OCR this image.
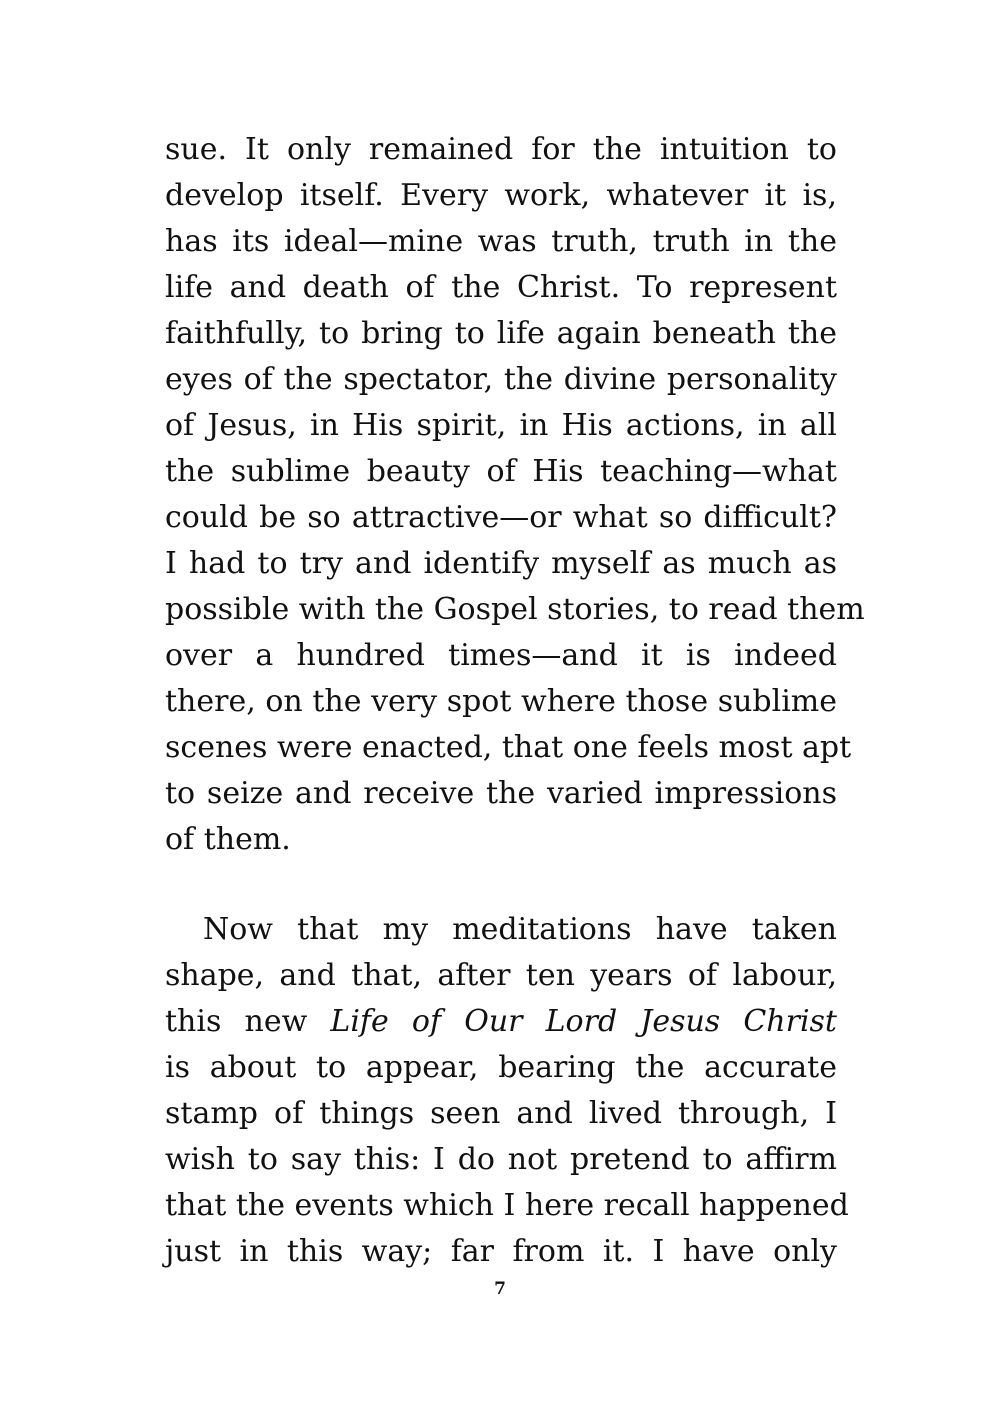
sue. It only remained for the intuition to
develop itself. Every work, whatever it is,
has its ideal—mine was truth, truth in the
life and death of the Christ. To represent
faithfully, to bring to life again beneath the
eyes of the spectator, the divine personality
of Jesus, in His spirit, in His actions, in all
the sublime beauty of His teaching—what
could be so attractive—or what so difficult?
I had to try and identify myself as much as
possible with the Gospel stories, to read them
over a hundred times—and it is indeed
there, on the very spot where those sublime
scenes were enacted, that one feels most apt
to seize and receive the varied impressions
of them.
Now that my meditations have taken
shape, and that, after ten years of labour,
this new Life of Our Lord Jesus Christ
is about to appear, bearing the accurate
stamp of things seen and lived through, I
wish to say this: I do not pretend to affirm
that the events which I here recall happened
just in this way; far from it. I have only
7
